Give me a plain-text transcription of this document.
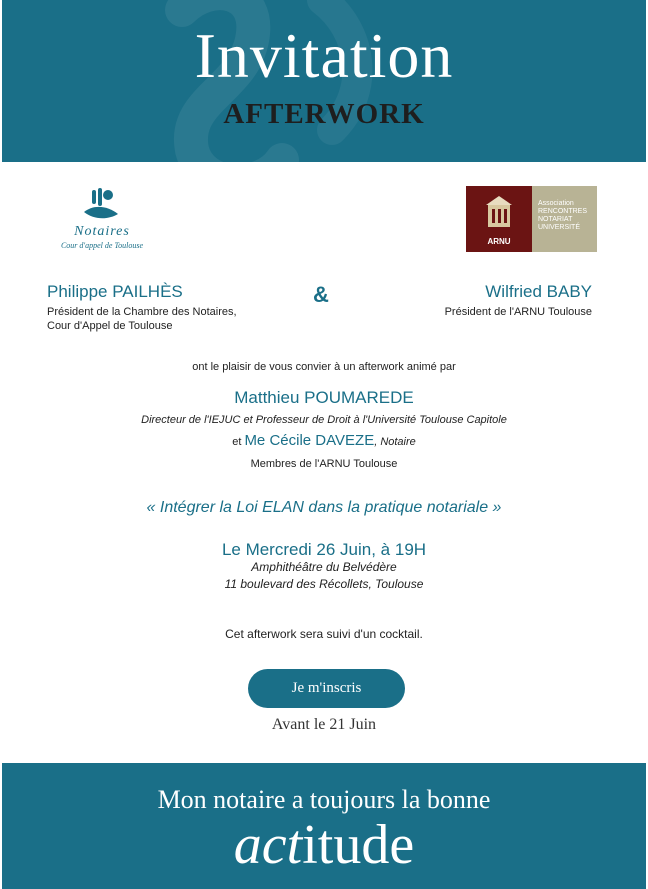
Invitation
AFTERWORK
Notaires
Cour d'appel de Toulouse	ARNU
Association
RENCONTRES
NOTARIAT
UNIVERSITÉ
Philippe PAILHÈS
Président de la Chambre des Notaires,
Cour d'Appel de Toulouse
&	Wilfried BABY
Président de l'ARNU Toulouse
ont le plaisir de vous convier à un afterwork animé par
Matthieu POUMAREDE
Directeur de l'IEJUC et Professeur de Droit à l'Université Toulouse Capitole
et Me Cécile DAVEZE, Notaire
Membres de l'ARNU Toulouse
« Intégrer la Loi ELAN dans la pratique notariale »
Le Mercredi 26 Juin, à 19H
Amphithéâtre du Belvédère
11 boulevard des Récollets, Toulouse
Cet afterwork sera suivi d'un cocktail.
Je m'inscris
Avant le 21 Juin
Mon notaire a toujours la bonne
actitude
